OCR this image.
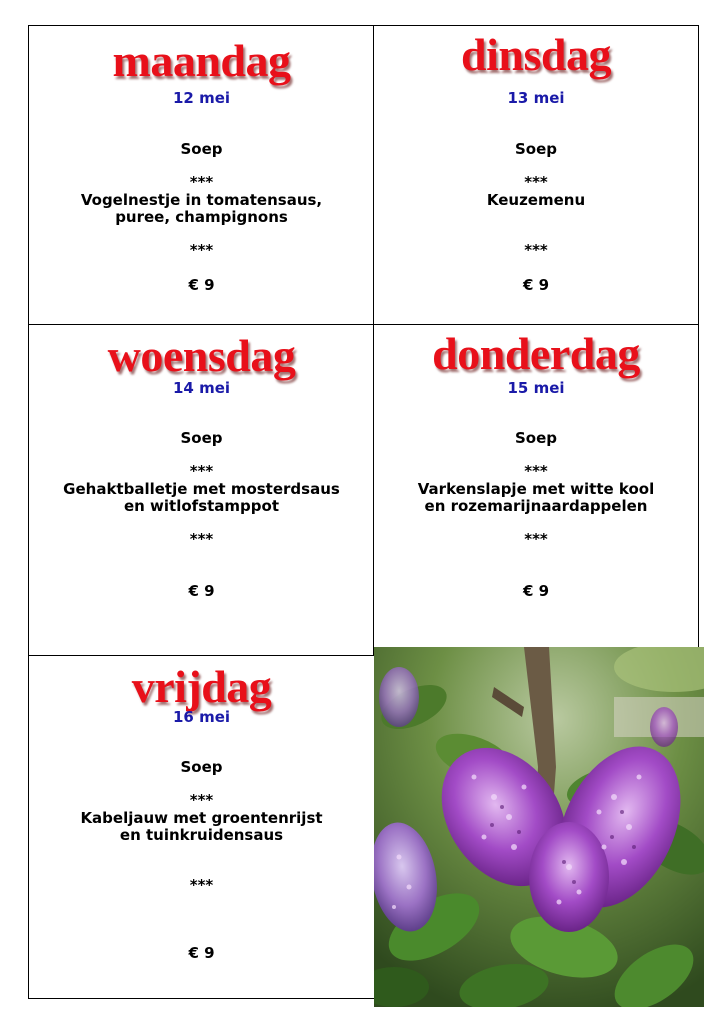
maandag
12 mei
Soep
***
Vogelnestje in tomatensaus,
puree, champignons
***
€ 9
dinsdag
13 mei
Soep
***
Keuzemenu
***
€ 9
woensdag
14 mei
Soep
***
Gehaktballetje met mosterdsaus
en witlofstamppot
***
€ 9
donderdag
15 mei
Soep
***
Varkenslapje met witte kool
en rozemarijnaardappelen
***
€ 9
vrijdag
16 mei
Soep
***
Kabeljauw met groentenrijst
en tuinkruidensaus
***
€ 9
